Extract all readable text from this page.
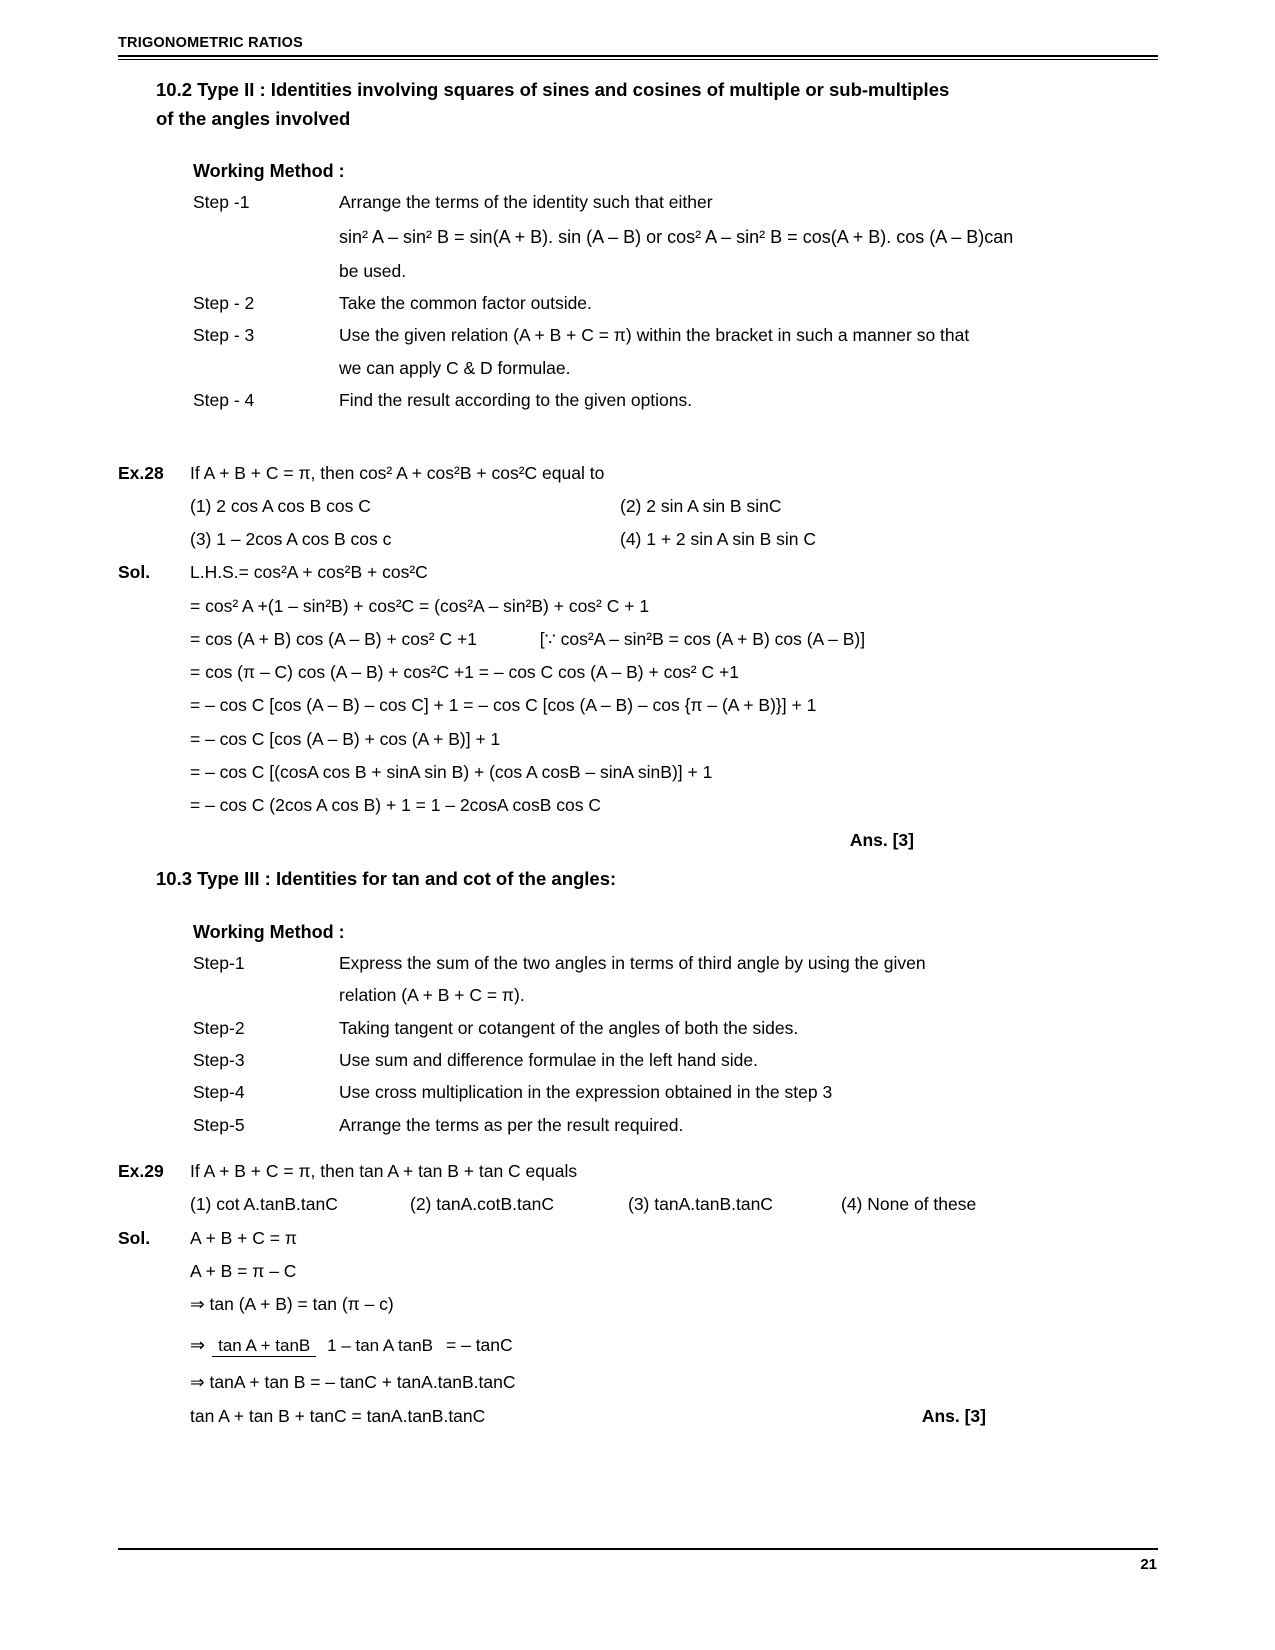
TRIGONOMETRIC RATIOS
10.2 Type II : Identities involving squares of sines and cosines of multiple or sub-multiples
of the angles involved
Working Method :
Step -1	Arrange the terms of the identity such that either
sin² A – sin² B = sin(A + B). sin (A – B) or cos² A – sin² B = cos(A + B). cos (A – B)can
be used.
Step - 2	Take the common factor outside.
Step - 3	Use the given relation (A + B + C = π) within the bracket in such a manner so that
we can apply C & D formulae.
Step - 4	Find the result according to the given options.
Ex.28	If A + B + C = π, then cos² A + cos²B + cos²C equal to
(1) 2 cos A cos B cos C	(2) 2 sin A sin B sinC
(3) 1 – 2cos A cos B cos c	(4) 1 + 2 sin A sin B sin C
Sol.	L.H.S.= cos²A + cos²B + cos²C
= cos² A +(1 – sin²B) + cos²C = (cos²A – sin²B) + cos² C + 1
= cos (A + B) cos (A – B) + cos² C +1	[∵ cos²A – sin²B = cos (A + B) cos (A – B)]
= cos (π – C) cos (A – B) + cos²C +1 = – cos C cos (A – B) + cos² C +1
= – cos C [cos (A – B) – cos C] + 1 = – cos C [cos (A – B) – cos {π – (A + B)}] + 1
= – cos C [cos (A – B) + cos (A + B)] + 1
= – cos C [(cosA cos B + sinA sin B) + (cos A cosB – sinA sinB)] + 1
= – cos C (2cos A cos B) + 1 = 1 – 2cosA cosB cos C
Ans. [3]
10.3 Type III : Identities for tan and cot of the angles:
Working Method :
Step-1	Express the sum of the two angles in terms of third angle by using the given
relation (A + B + C = π).
Step-2	Taking tangent or cotangent of the angles of both the sides.
Step-3	Use sum and difference formulae in the left hand side.
Step-4	Use cross multiplication in the expression obtained in the step 3
Step-5	Arrange the terms as per the result required.
Ex.29	If A + B + C = π, then tan A + tan B + tan C equals
(1) cot A.tanB.tanC	(2) tanA.cotB.tanC	(3) tanA.tanB.tanC	(4) None of these
Sol.	A + B + C = π
A + B = π – C
⇒ tan (A + B) = tan (π – c)
⇒ tan A + tanB 1 – tan A tanB = – tanC
⇒ tanA + tan B = – tanC + tanA.tanB.tanC
tan A + tan B + tanC = tanA.tanB.tanC	Ans. [3]
21
